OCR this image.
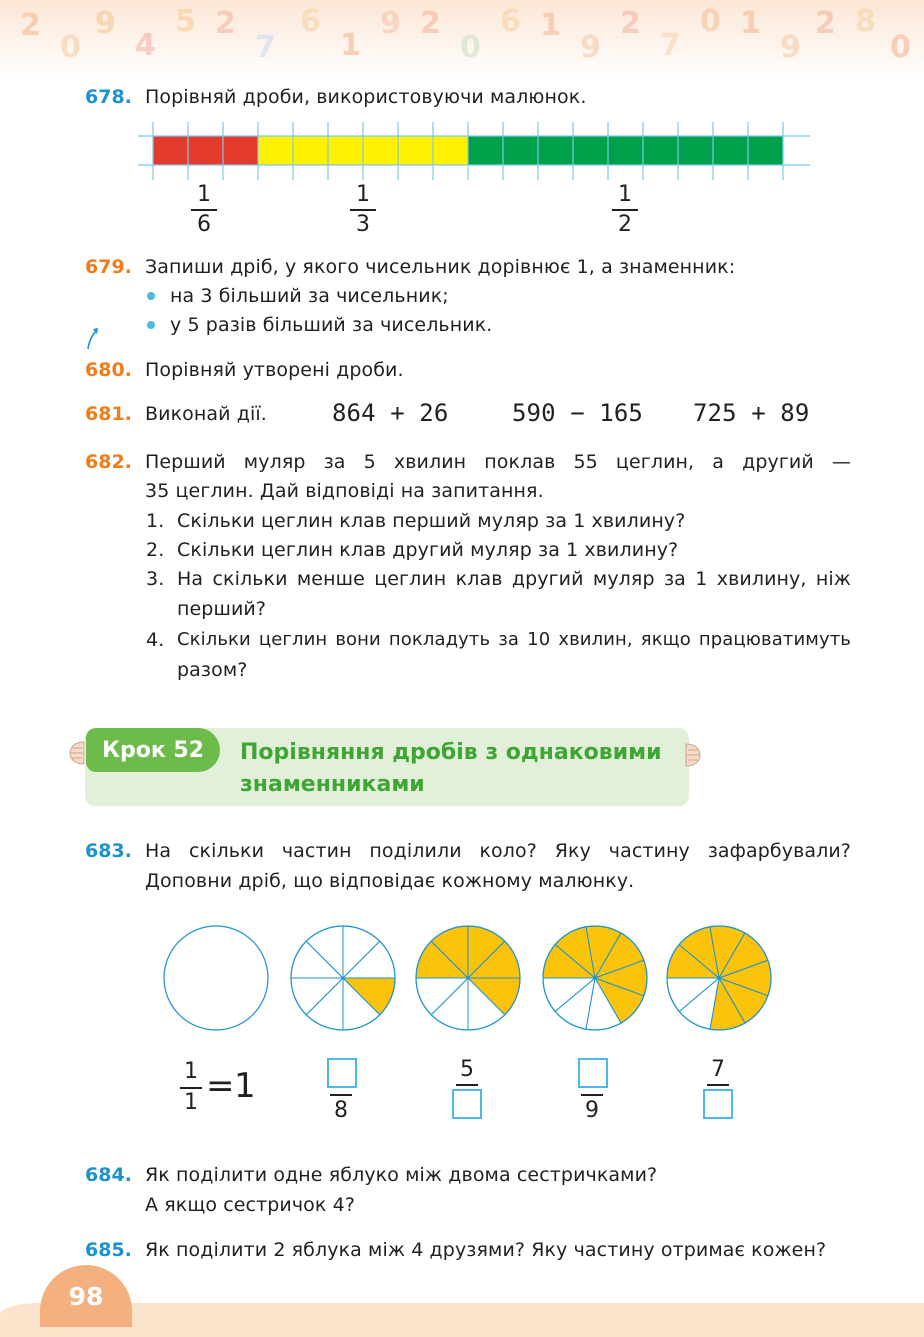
2
0
9
4
5 2
7
6
1
9 2
0
6 1
9
2
7
0 1
9
2 8
0
98
678. Порівняй дроби, використовуючи малюнок.
1
6
1
3
1
2
679. Запиши дріб, у якого чисельник дорівнює 1, а знаменник:
на 3 більший за чисельник;
у 5 разів більший за чисельник.
680. Порівняй утворені дроби.
681. Виконай дії.	864 + 26	590 − 165 725 + 89
682. Перший муляр за 5 хвилин поклав 55 цеглин, а другий —
35 цеглин. Дай відповіді на запитання.
1. Скільки цеглин клав перший муляр за 1 хвилину?
2. Скільки цеглин клав другий муляр за 1 хвилину?
3. На скільки менше цеглин клав другий муляр за 1 хвилину, ніж
перший?
4. Скільки цеглин вони покладуть за 10 хвилин, якщо працюватимуть
разом?
Крок 52	Порівняння дробів з однаковими знаменниками
683. На скільки частин поділили коло? Яку частину зафарбували?
Доповни дріб, що відповідає кожному малюнку.
1
1 = 1
8
5
9
7
684. Як поділити одне яблуко між двома сестричками?
А якщо сестричок 4?
685. Як поділити 2 яблука між 4 друзями? Яку частину отримає кожен?
